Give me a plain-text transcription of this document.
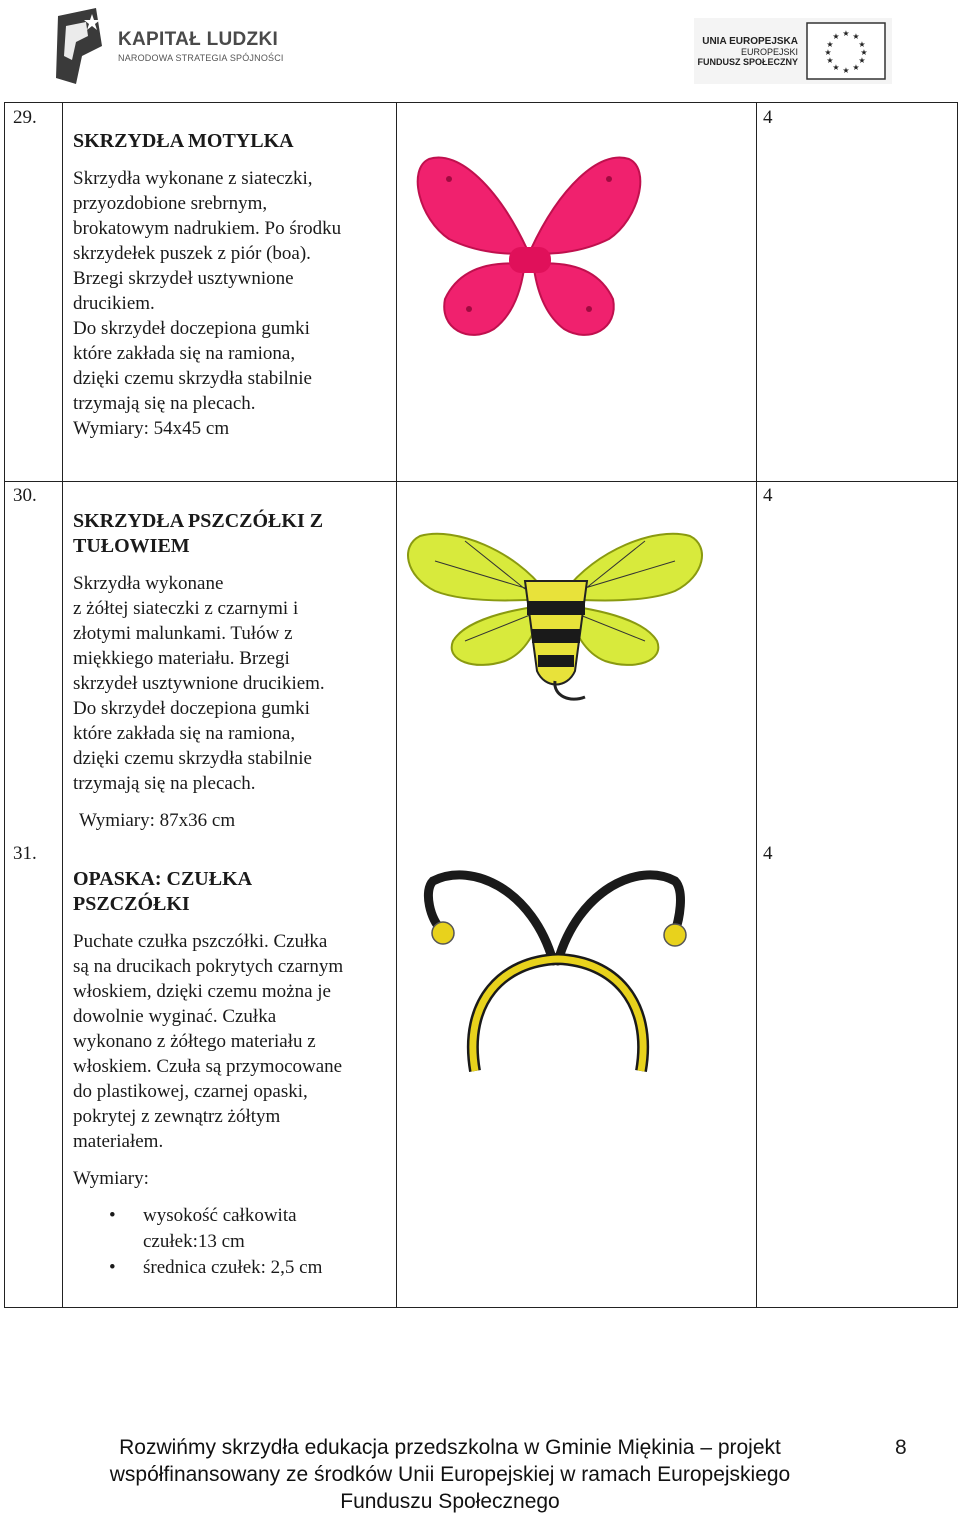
KAPITAŁ LUDZKI
NARODOWA STRATEGIA SPÓJNOŚCI
UNIA EUROPEJSKA
EUROPEJSKI
FUNDUSZ SPOŁECZNY
★ ★
★
★
★
★
★
★
★
★
★
★
29.
SKRZYDŁA MOTYLKA
Skrzydła wykonane z siateczki,
przyozdobione srebrnym,
brokatowym nadrukiem. Po środku
skrzydełek puszek z piór (boa).
Brzegi skrzydeł usztywnione
drucikiem.
Do skrzydeł doczepiona gumki
które zakłada się na ramiona,
dzięki czemu skrzydła stabilnie
trzymają się na plecach.
Wymiary: 54x45 cm
4
30.
SKRZYDŁA PSZCZÓŁKI Z
TUŁOWIEM
Skrzydła wykonane
z żółtej siateczki z czarnymi i
złotymi malunkami. Tułów z
miękkiego materiału. Brzegi
skrzydeł usztywnione drucikiem.
Do skrzydeł doczepiona gumki
które zakłada się na ramiona,
dzięki czemu skrzydła stabilnie
trzymają się na plecach.
Wymiary: 87x36 cm
4
31.
OPASKA: CZUŁKA
PSZCZÓŁKI
Puchate czułka pszczółki. Czułka
są na drucikach pokrytych czarnym
włoskiem, dzięki czemu można je
dowolnie wyginać. Czułka
wykonano z żółtego materiału z
włoskiem. Czuła są przymocowane
do plastikowej, czarnej opaski,
pokrytej z zewnątrz żółtym
materiałem.
Wymiary:
• wysokość całkowita
czułek:13 cm
• średnica czułek: 2,5 cm
4
Rozwińmy skrzydła edukacja przedszkolna w Gminie Miękinia – projekt
współfinansowany ze środków Unii Europejskiej w ramach Europejskiego
Funduszu Społecznego
8
